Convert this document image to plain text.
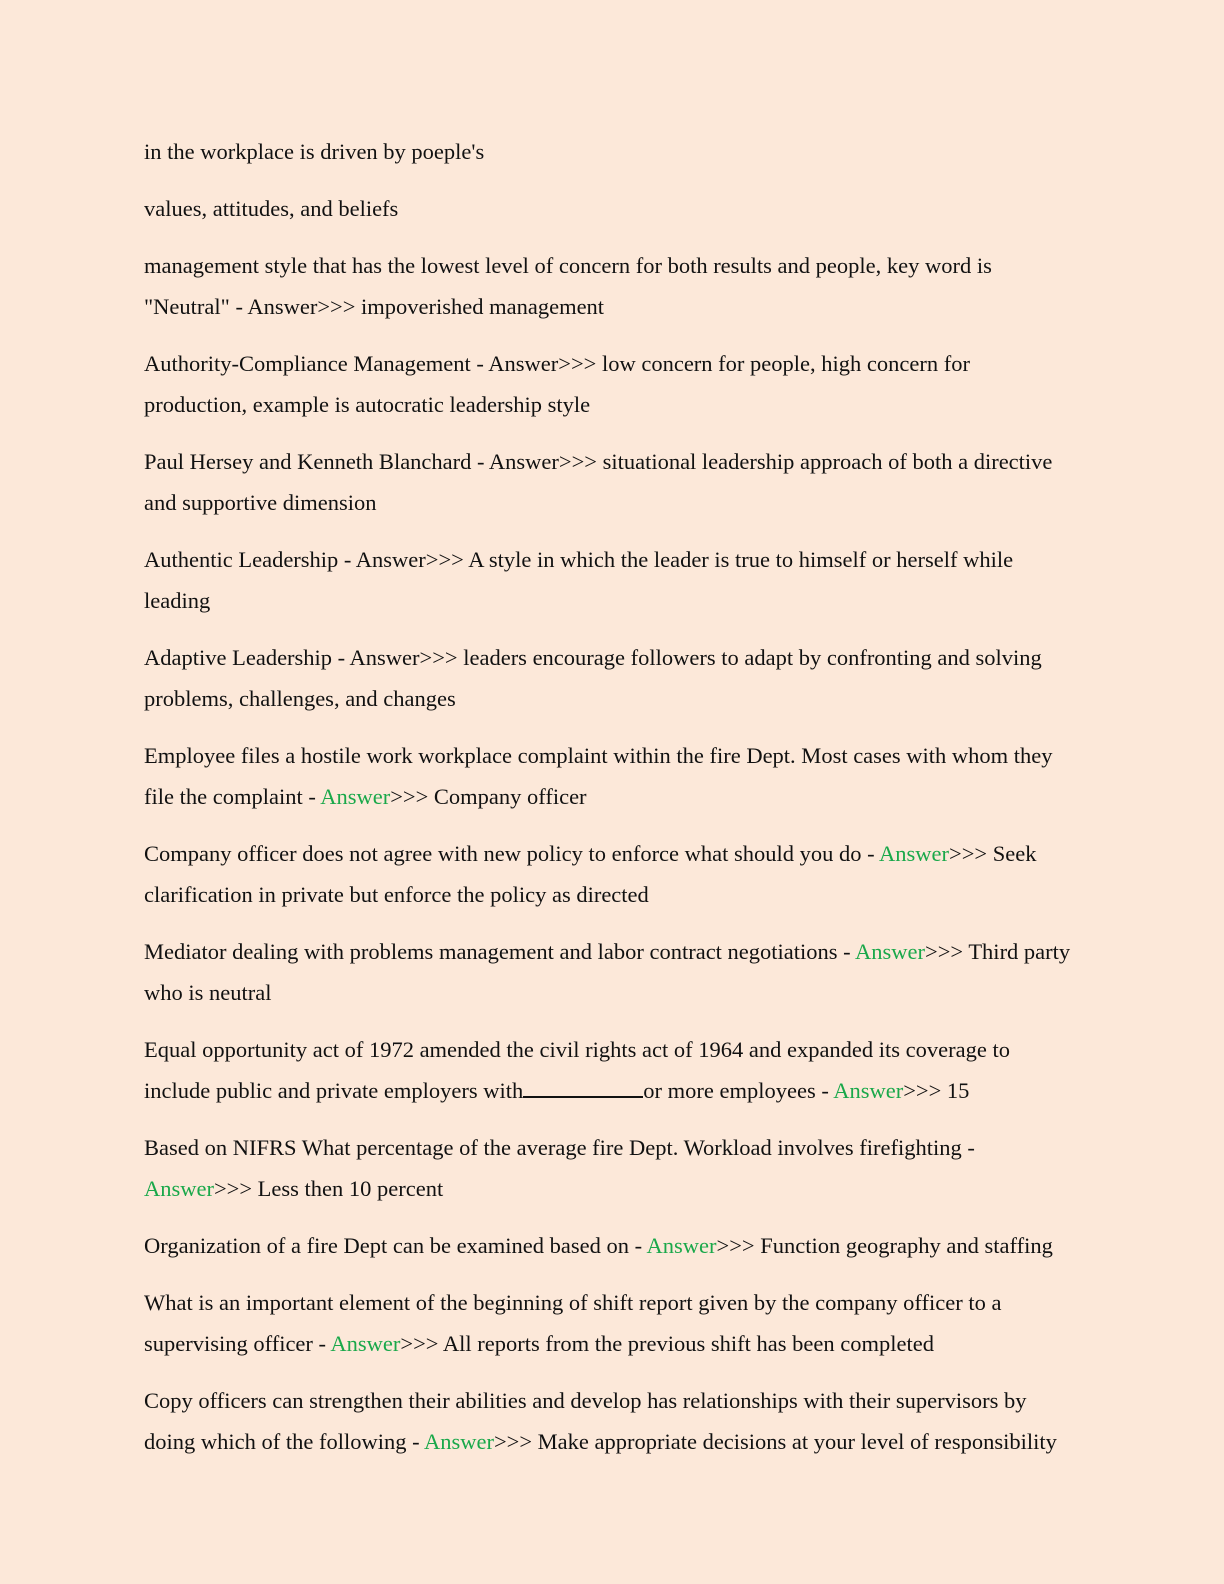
in the workplace is driven by poeple's

values, attitudes, and beliefs

management style that has the lowest level of concern for both results and people, key word is "Neutral" - Answer>>> impoverished management

Authority-Compliance Management - Answer>>> low concern for people, high concern for production, example is autocratic leadership style

Paul Hersey and Kenneth Blanchard - Answer>>> situational leadership approach of both a directive and supportive dimension

Authentic Leadership - Answer>>> A style in which the leader is true to himself or herself while leading

Adaptive Leadership - Answer>>> leaders encourage followers to adapt by confronting and solving problems, challenges, and changes

Employee files a hostile work workplace complaint within the fire Dept. Most cases with whom they file the complaint - Answer>>> Company officer

Company officer does not agree with new policy to enforce what should you do - Answer>>> Seek clarification in private but enforce the policy as directed

Mediator dealing with problems management and labor contract negotiations - Answer>>> Third party who is neutral

Equal opportunity act of 1972 amended the civil rights act of 1964 and expanded its coverage to include public and private employers with	or more employees - Answer>>> 15

Based on NIFRS What percentage of the average fire Dept. Workload involves firefighting - Answer>>> Less then 10 percent

Organization of a fire Dept can be examined based on - Answer>>> Function geography and staffing

What is an important element of the beginning of shift report given by the company officer to a supervising officer - Answer>>> All reports from the previous shift has been completed

Copy officers can strengthen their abilities and develop has relationships with their supervisors by doing which of the following - Answer>>> Make appropriate decisions at your level of responsibility
